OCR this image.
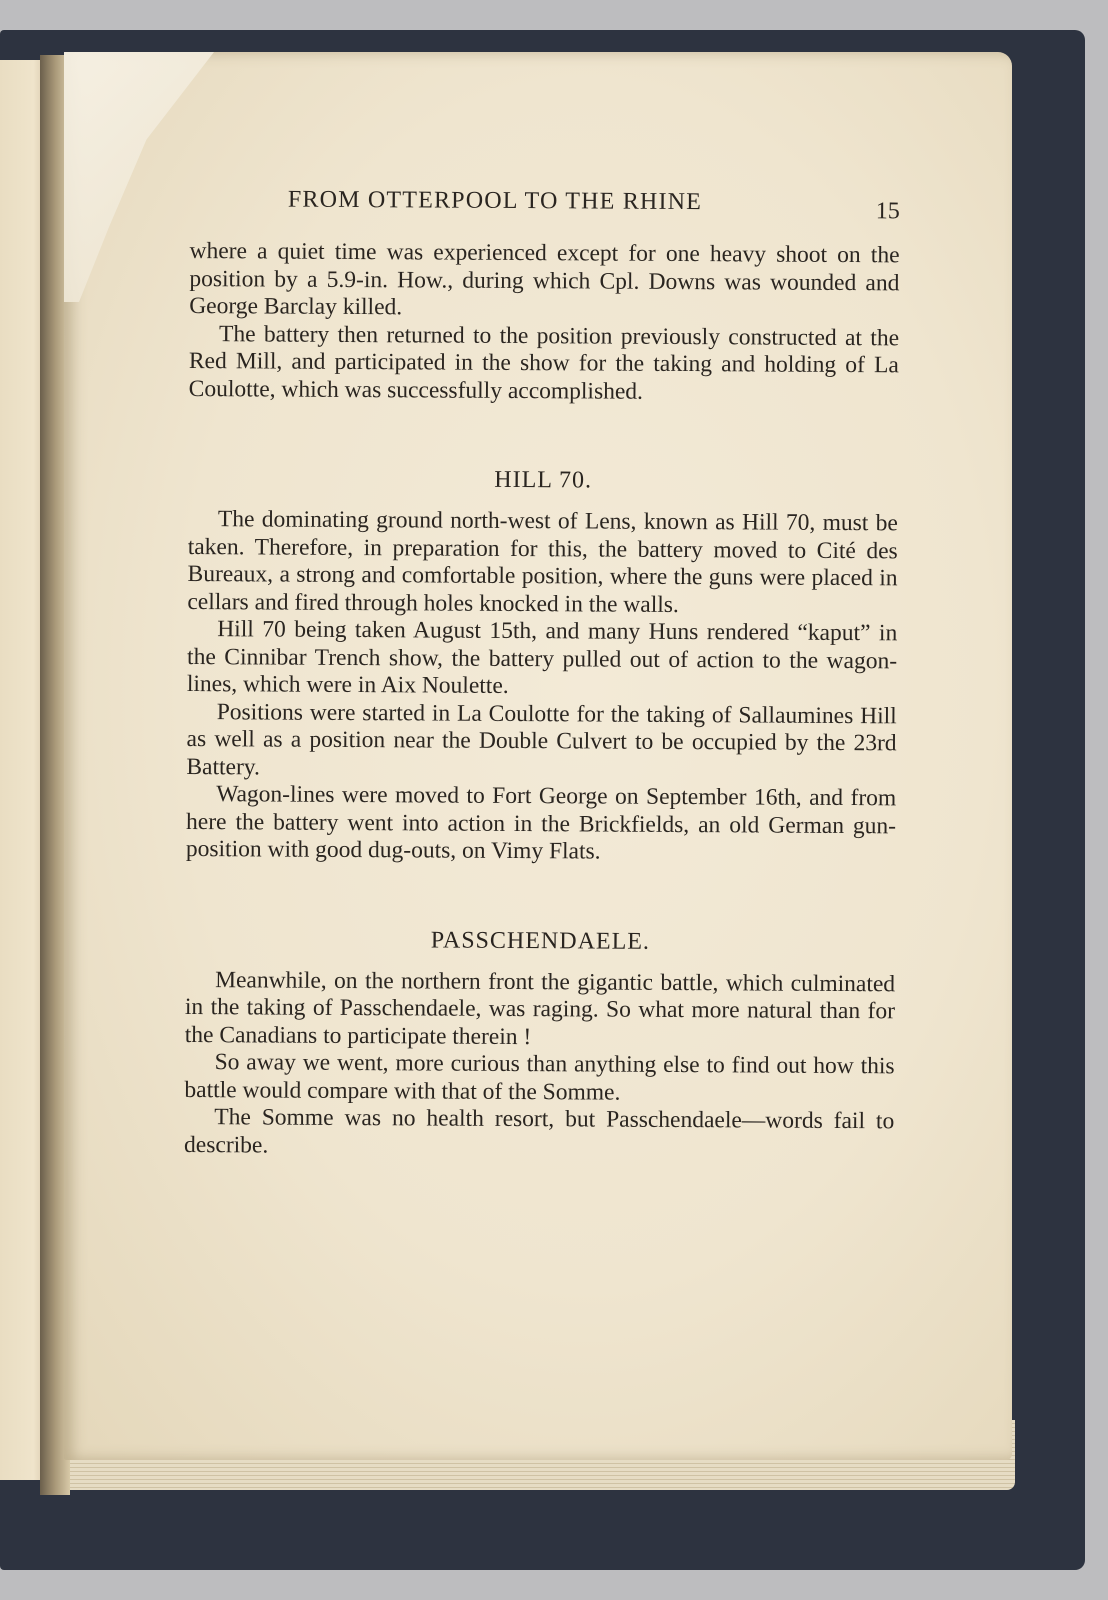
FROM OTTERPOOL TO THE RHINE	15

where a quiet time was experienced except for one heavy shoot on the position by a 5.9-in. How., during which Cpl. Downs was wounded and George Barclay killed.

The battery then returned to the position previously constructed at the Red Mill, and participated in the show for the taking and holding of La Coulotte, which was successfully accomplished.

HILL 70.

The dominating ground north-west of Lens, known as Hill 70, must be taken. Therefore, in preparation for this, the battery moved to Cité des Bureaux, a strong and comfortable position, where the guns were placed in cellars and fired through holes knocked in the walls.

Hill 70 being taken August 15th, and many Huns rendered “kaput” in the Cinnibar Trench show, the battery pulled out of action to the wagon-lines, which were in Aix Noulette.

Positions were started in La Coulotte for the taking of Sallaumines Hill as well as a position near the Double Culvert to be occupied by the 23rd Battery.

Wagon-lines were moved to Fort George on September 16th, and from here the battery went into action in the Brickfields, an old German gun-position with good dug-outs, on Vimy Flats.

PASSCHENDAELE.

Meanwhile, on the northern front the gigantic battle, which culminated in the taking of Passchendaele, was raging. So what more natural than for the Canadians to participate therein !

So away we went, more curious than anything else to find out how this battle would compare with that of the Somme.

The Somme was no health resort, but Passchendaele—words fail to describe.
